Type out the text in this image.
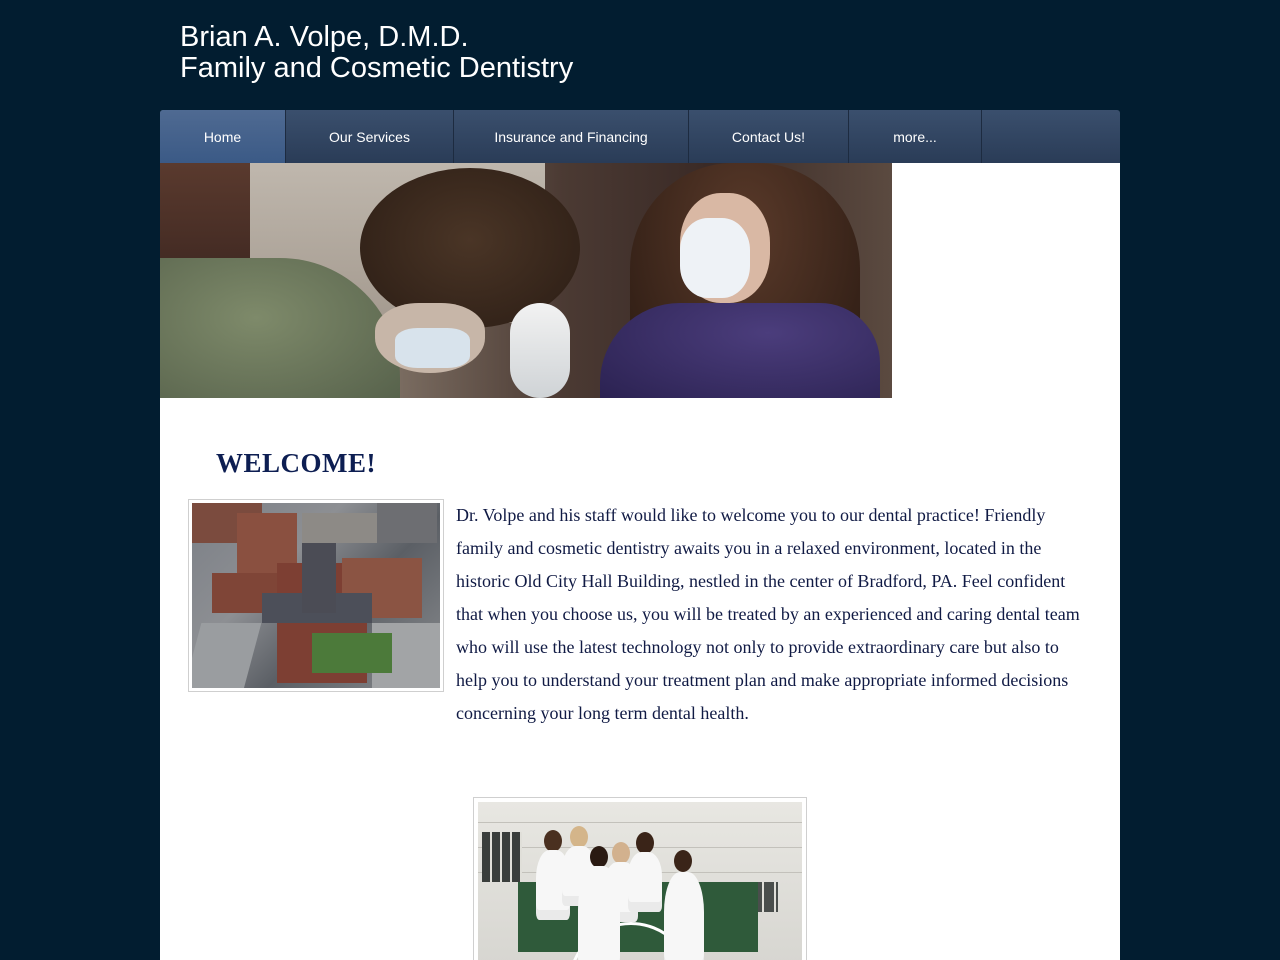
Brian A. Volpe, D.M.D.
Family and Cosmetic Dentistry
Home	Our Services	Insurance and Financing	Contact Us!	more...
WELCOME!

Dr. Volpe and his staff would like to welcome you to our dental practice! Friendly family and cosmetic dentistry awaits you in a relaxed environment, located in the historic Old City Hall Building, nestled in the center of Bradford, PA. Feel confident that when you choose us, you will be treated by an experienced and caring dental team who will use the latest technology not only to provide extraordinary care but also to help you to understand your treatment plan and make appropriate informed decisions concerning your long term dental health.
